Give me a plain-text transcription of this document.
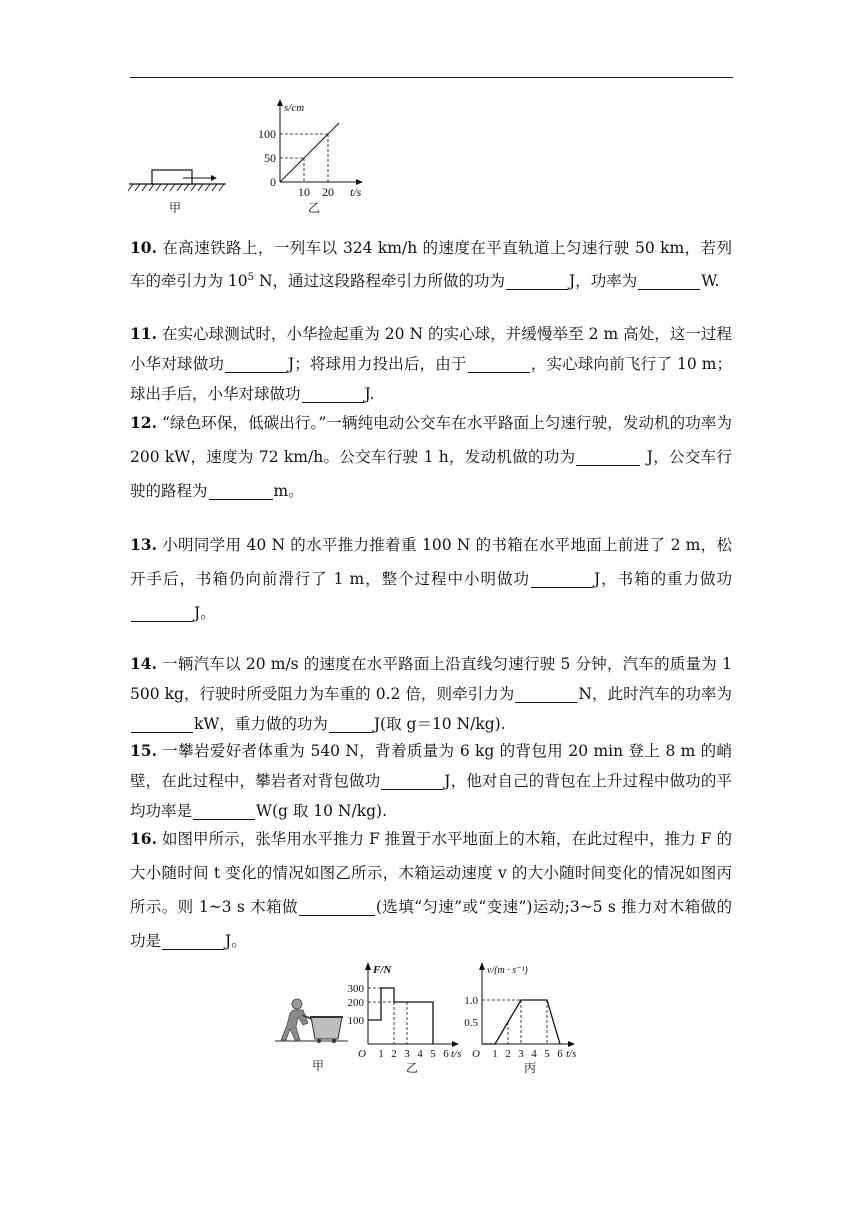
甲
s/cm
100
50
0
10 20 t/s
乙
10. 在高速铁路上，一列车以 324 km/h 的速度在平直轨道上匀速行驶 50 km，若列车的牵引力为 $10^5$ N，通过这段路程牵引力所做的功为	J，功率为	W.
11. 在实心球测试时，小华捡起重为 20 N 的实心球，并缓慢举至 2 m 高处，这一过程小华对球做功	J；将球用力投出后，由于	，实心球向前飞行了 10 m；球出手后，小华对球做功	J.
12. “绿色环保，低碳出行。”一辆纯电动公交车在水平路面上匀速行驶，发动机的功率为 200 kW，速度为 72 km/h。公交车行驶 1 h，发动机做的功为	J，公交车行驶的路程为	m。
13. 小明同学用 40 N 的水平推力推着重 100 N 的书箱在水平地面上前进了 2 m，松开手后，书箱仍向前滑行了 1 m，整个过程中小明做功	J，书箱的重力做功J。
14. 一辆汽车以 20 m/s 的速度在水平路面上沿直线匀速行驶 5 分钟，汽车的质量为 1 500 kg，行驶时所受阻力为车重的 0.2 倍，则牵引力为	N，此时汽车的功率为kW，重力做的功为	J(取 g＝10 N/kg).
15. 一攀岩爱好者体重为 540 N，背着质量为 6 kg 的背包用 20 min 登上 8 m 的峭壁，在此过程中，攀岩者对背包做功	J，他对自己的背包在上升过程中做功的平均功率是	W(g 取 10 N/kg).
16. 如图甲所示，张华用水平推力 F 推置于水平地面上的木箱，在此过程中，推力 F 的大小随时间 t 变化的情况如图乙所示，木箱运动速度 v 的大小随时间变化的情况如图丙所示。则 1~3 s 木箱做	(选填“匀速”或“变速”)运动;3~5 s 推力对木箱做的功是	J。
甲
F/N
300
200
100
O 1 2 3 4 5 6 t/s
乙
v/(m · s⁻¹)
1.0
0.5
O 1 2 3 4 5 6 t/s
丙
